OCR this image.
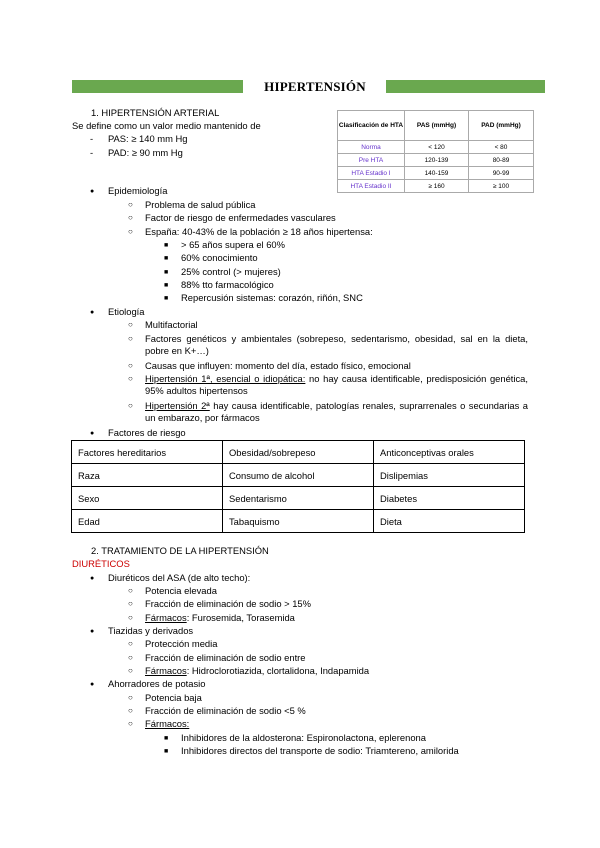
HIPERTENSIÓN
1. HIPERTENSIÓN ARTERIAL
Se define como un valor medio mantenido de
- PAS: ≥ 140 mm Hg
- PAD: ≥ 90 mm Hg
Clasificación de HTA	PAS (mmHg)	PAD (mmHg)
Norma	< 120	< 80
Pre HTA	120-139	80-89
HTA Estadio I	140-159	90-99
HTA Estadio II	≥ 160	≥ 100
● Epidemiología
○ Problema de salud pública
○ Factor de riesgo de enfermedades vasculares
○ España: 40-43% de la población ≥ 18 años hipertensa:
■ > 65 años supera el 60%
■ 60% conocimiento
■ 25% control (> mujeres)
■ 88% tto farmacológico
■ Repercusión sistemas: corazón, riñón, SNC
● Etiología
○ Multifactorial
○ Factores genéticos y ambientales (sobrepeso, sedentarismo, obesidad, sal en la dieta, pobre en K+…)
○ Causas que influyen: momento del día, estado físico, emocional
○ Hipertensión 1ª, esencial o idiopática: no hay causa identificable, predisposición genética, 95% adultos hipertensos
○ Hipertensión 2ª hay causa identificable, patologías renales, suprarrenales o secundarias a un embarazo, por fármacos
● Factores de riesgo
Factores hereditarios	Obesidad/sobrepeso	Anticonceptivas orales
Raza	Consumo de alcohol	Dislipemias
Sexo	Sedentarismo	Diabetes
Edad	Tabaquismo	Dieta
2. TRATAMIENTO DE LA HIPERTENSIÓN
DIURÉTICOS
● Diuréticos del ASA (de alto techo):
○ Potencia elevada
○ Fracción de eliminación de sodio > 15%
○ Fármacos: Furosemida, Torasemida
● Tiazidas y derivados
○ Protección media
○ Fracción de eliminación de sodio entre
○ Fármacos: Hidroclorotiazida, clortalidona, Indapamida
● Ahorradores de potasio
○ Potencia baja
○ Fracción de eliminación de sodio <5 %
○ Fármacos:
■ Inhibidores de la aldosterona: Espironolactona, eplerenona
■ Inhibidores directos del transporte de sodio: Triamtereno, amilorida
